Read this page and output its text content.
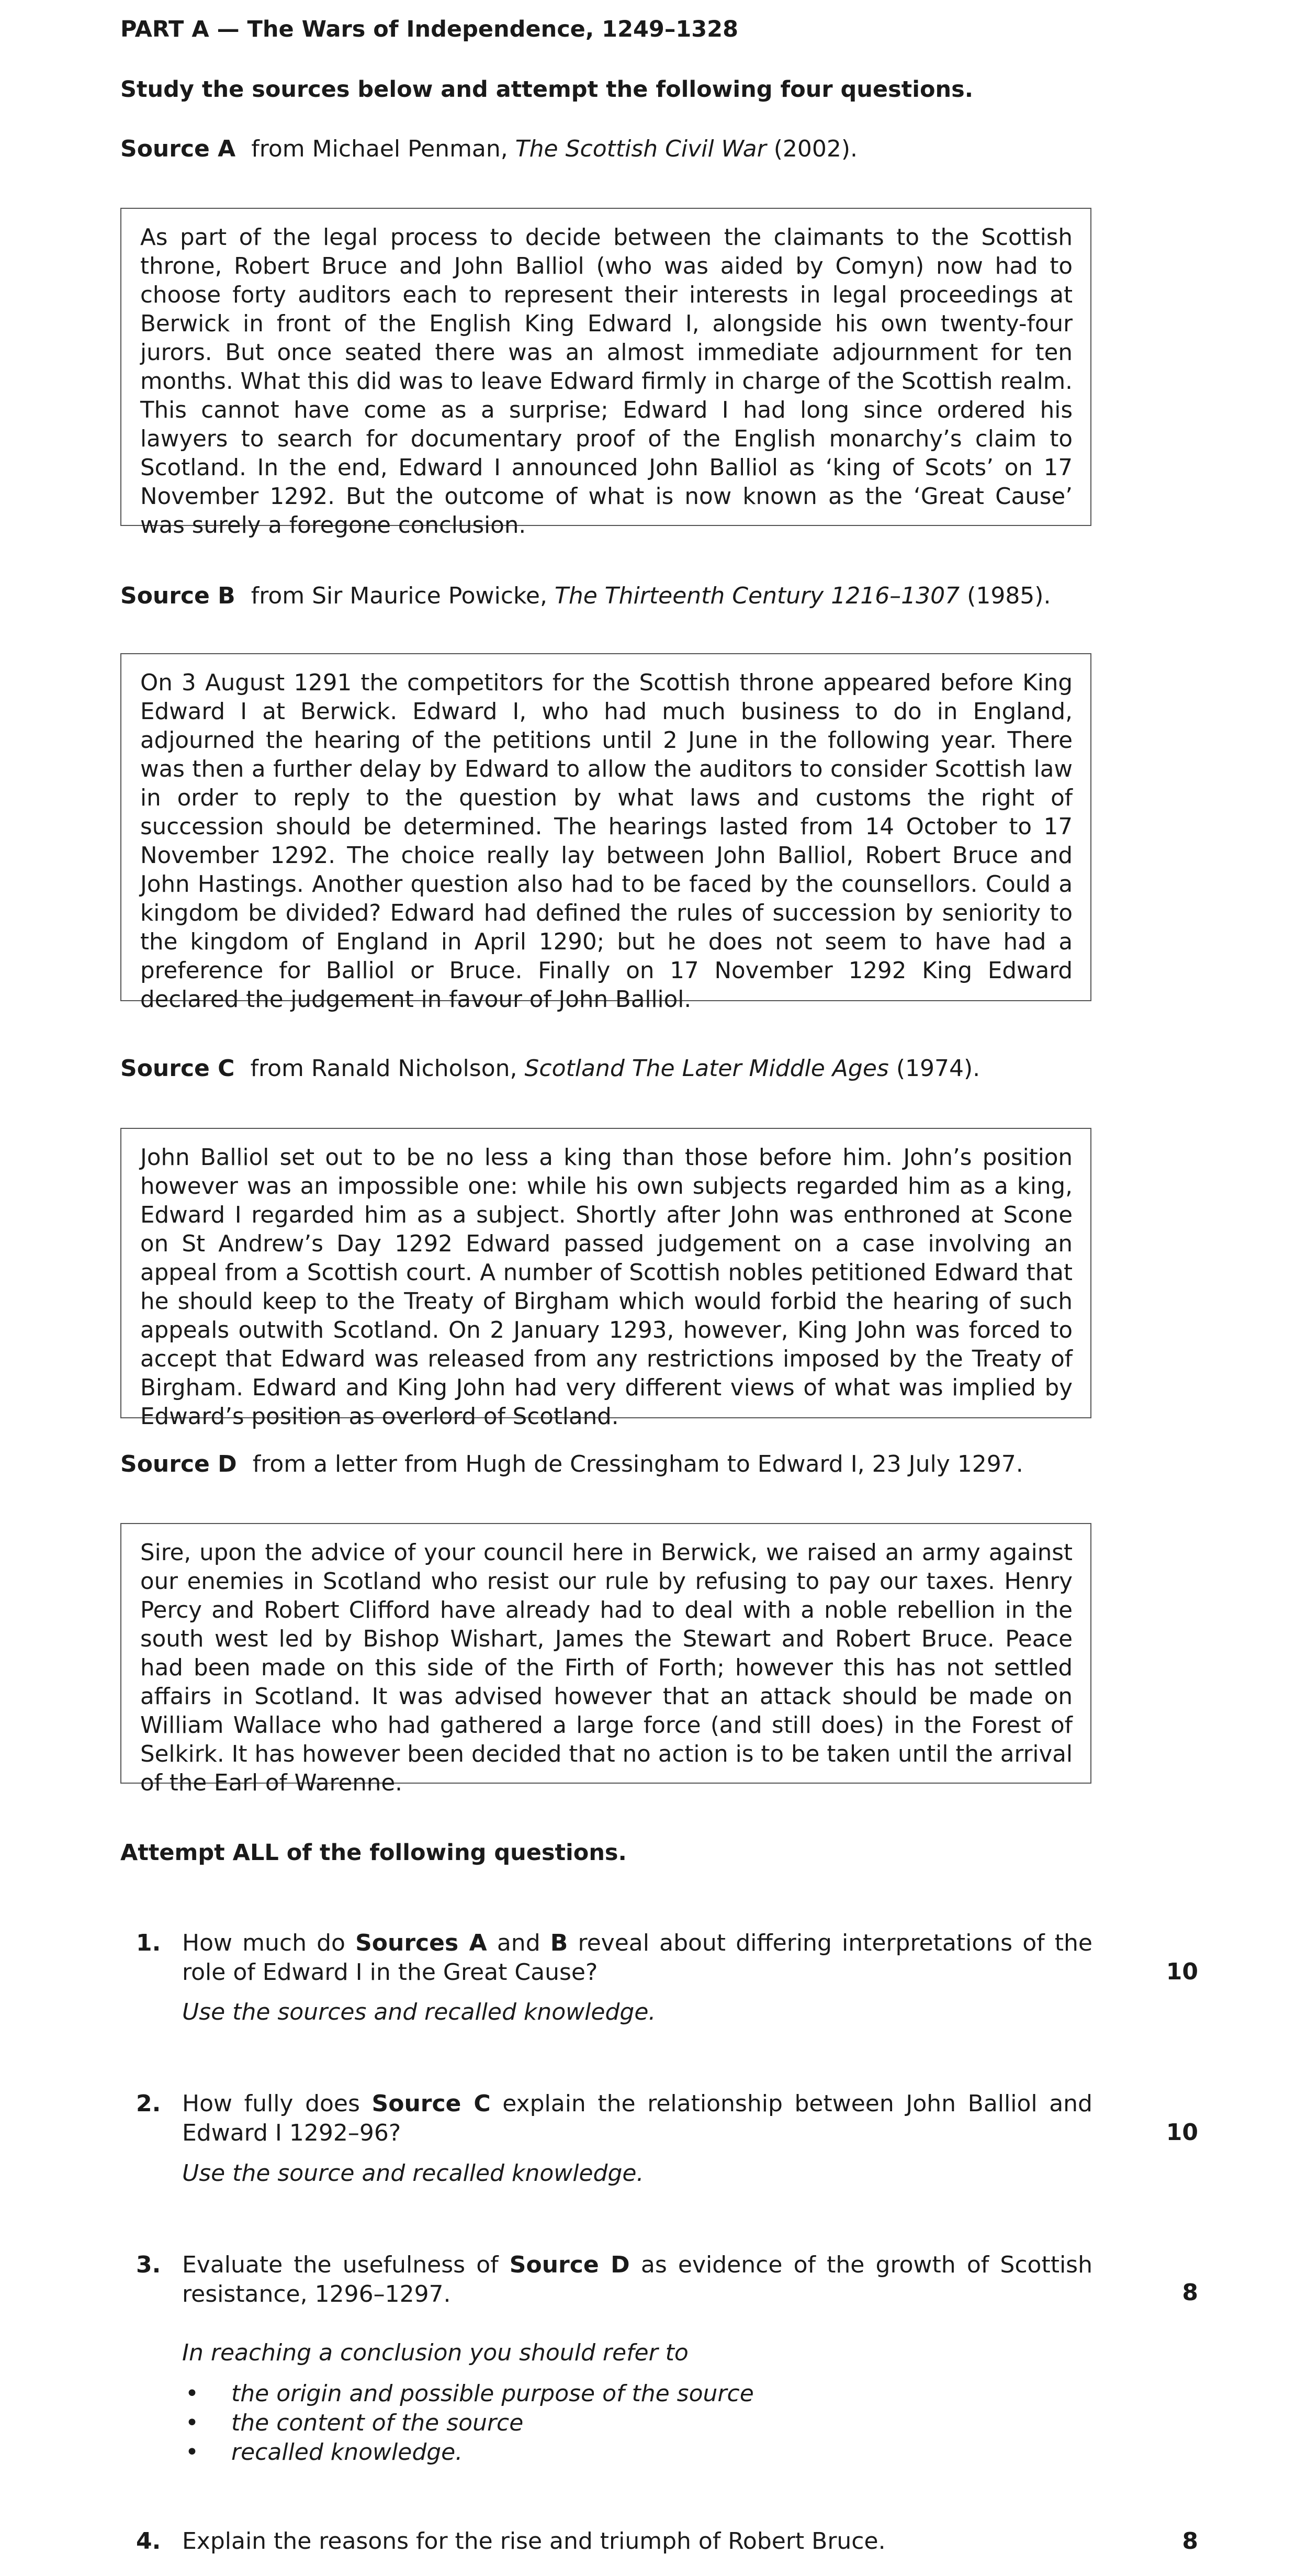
PART A — The Wars of Independence, 1249–1328
Study the sources below and attempt the following four questions.
Source A from Michael Penman, The Scottish Civil War (2002).

As part of the legal process to decide between the claimants to the Scottish throne, Robert Bruce and John Balliol (who was aided by Comyn) now had to choose forty auditors each to represent their interests in legal proceedings at Berwick in front of the English King Edward I, alongside his own twenty-four jurors. But once seated there was an almost immediate adjournment for ten months. What this did was to leave Edward firmly in charge of the Scottish realm. This cannot have come as a surprise; Edward I had long since ordered his lawyers to search for documentary proof of the English monarchy’s claim to Scotland. In the end, Edward I announced John Balliol as ‘king of Scots’ on 17 November 1292. But the outcome of what is now known as the ‘Great Cause’ was surely a foregone conclusion.

Source B from Sir Maurice Powicke, The Thirteenth Century 1216–1307 (1985).

On 3 August 1291 the competitors for the Scottish throne appeared before King Edward I at Berwick. Edward I, who had much business to do in England, adjourned the hearing of the petitions until 2 June in the following year. There was then a further delay by Edward to allow the auditors to consider Scottish law in order to reply to the question by what laws and customs the right of succession should be determined. The hearings lasted from 14 October to 17 November 1292. The choice really lay between John Balliol, Robert Bruce and John Hastings. Another question also had to be faced by the counsellors. Could a kingdom be divided? Edward had defined the rules of succession by seniority to the kingdom of England in April 1290; but he does not seem to have had a preference for Balliol or Bruce. Finally on 17 November 1292 King Edward declared the judgement in favour of John Balliol.

Source C from Ranald Nicholson, Scotland The Later Middle Ages (1974).

John Balliol set out to be no less a king than those before him. John’s position however was an impossible one: while his own subjects regarded him as a king, Edward I regarded him as a subject. Shortly after John was enthroned at Scone on St Andrew’s Day 1292 Edward passed judgement on a case involving an appeal from a Scottish court. A number of Scottish nobles petitioned Edward that he should keep to the Treaty of Birgham which would forbid the hearing of such appeals outwith Scotland. On 2 January 1293, however, King John was forced to accept that Edward was released from any restrictions imposed by the Treaty of Birgham. Edward and King John had very different views of what was implied by Edward’s position as overlord of Scotland.

Source D from a letter from Hugh de Cressingham to Edward I, 23 July 1297.

Sire, upon the advice of your council here in Berwick, we raised an army against our enemies in Scotland who resist our rule by refusing to pay our taxes. Henry Percy and Robert Clifford have already had to deal with a noble rebellion in the south west led by Bishop Wishart, James the Stewart and Robert Bruce. Peace had been made on this side of the Firth of Forth; however this has not settled affairs in Scotland. It was advised however that an attack should be made on William Wallace who had gathered a large force (and still does) in the Forest of Selkirk. It has however been decided that no action is to be taken until the arrival of the Earl of Warenne.

Attempt ALL of the following questions.
1. How much do Sources A and B reveal about differing interpretations of the role of Edward I in the Great Cause?	10
Use the sources and recalled knowledge.
2. How fully does Source C explain the relationship between John Balliol and Edward I 1292–96?	10
Use the source and recalled knowledge.
3. Evaluate the usefulness of Source D as evidence of the growth of Scottish resistance, 1296–1297.	8
In reaching a conclusion you should refer to
• the origin and possible purpose of the source
• the content of the source
• recalled knowledge.
4. Explain the reasons for the rise and triumph of Robert Bruce.	8
